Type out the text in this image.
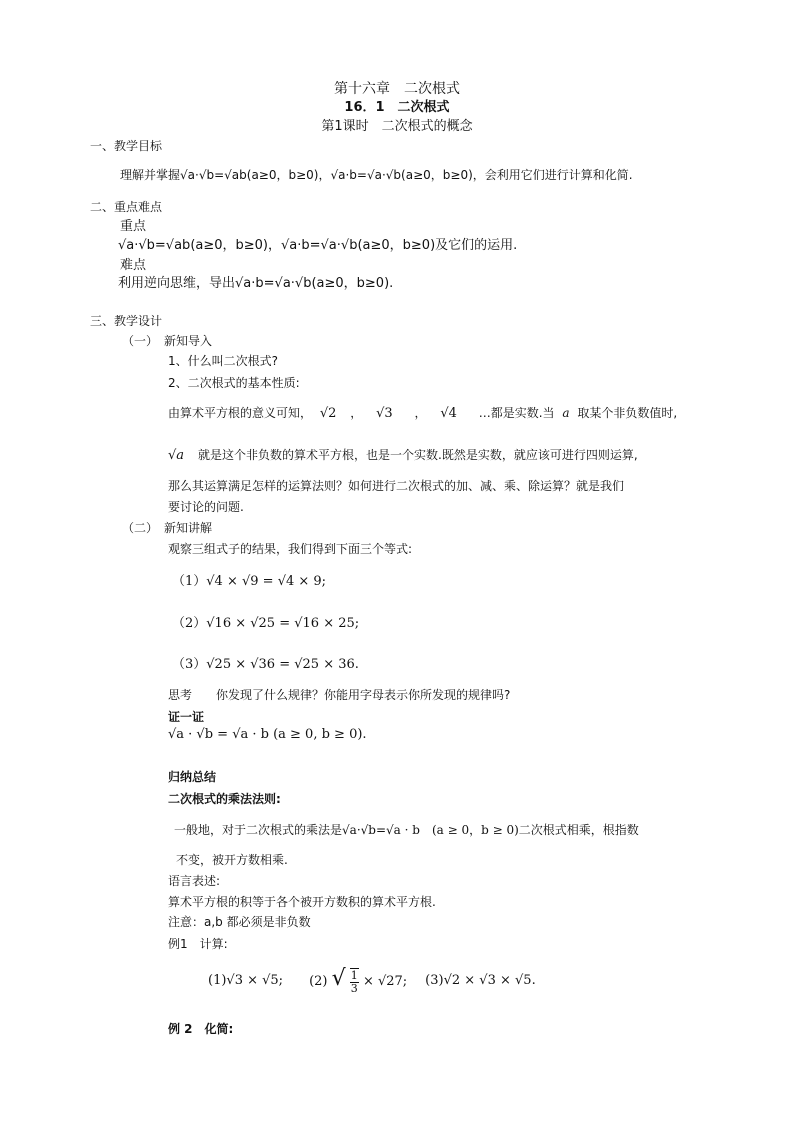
第十六章　二次根式
16．1　二次根式
第1课时　二次根式的概念
一、教学目标
理解并掌握√a·√b=√ab(a≥0，b≥0)，√a·b=√a·√b(a≥0，b≥0)，会利用它们进行计算和化简.
二、重点难点
重点
√a·√b=√ab(a≥0，b≥0)，√a·b=√a·√b(a≥0，b≥0)及它们的运用.
难点
利用逆向思维，导出√a·b=√a·√b(a≥0，b≥0).
三、教学设计
（一）　新知导入
1、什么叫二次根式?
2、二次根式的基本性质:
由算术平方根的意义可知， √2 ， √3 ， √4 …都是实数.当 a 取某个非负数值时,
√a 就是这个非负数的算术平方根，也是一个实数.既然是实数，就应该可进行四则运算,
那么其运算满足怎样的运算法则？如何进行二次根式的加、减、乘、除运算？就是我们
要讨论的问题.
（二）　新知讲解
观察三组式子的结果，我们得到下面三个等式:
（1）√4 × √9 = √4 × 9;
（2）√16 × √25 = √16 × 25;
（3）√25 × √36 = √25 × 36.
思考　　你发现了什么规律？你能用字母表示你所发现的规律吗?
证一证
√a · √b = √a · b (a ≥ 0, b ≥ 0).
归纳总结
二次根式的乘法法则:
一般地，对于二次根式的乘法是√a·√b=√a · b　(a ≥ 0，b ≥ 0)二次根式相乘，根指数
不变，被开方数相乘.
语言表述:
算术平方根的积等于各个被开方数积的算术平方根.
注意：a,b 都必须是非负数
例1　计算:
(1)√3 × √5; (2) √ $\frac{1}{3} \times √27$; (3)√2 × √3 × √5.
例 2　化简:
